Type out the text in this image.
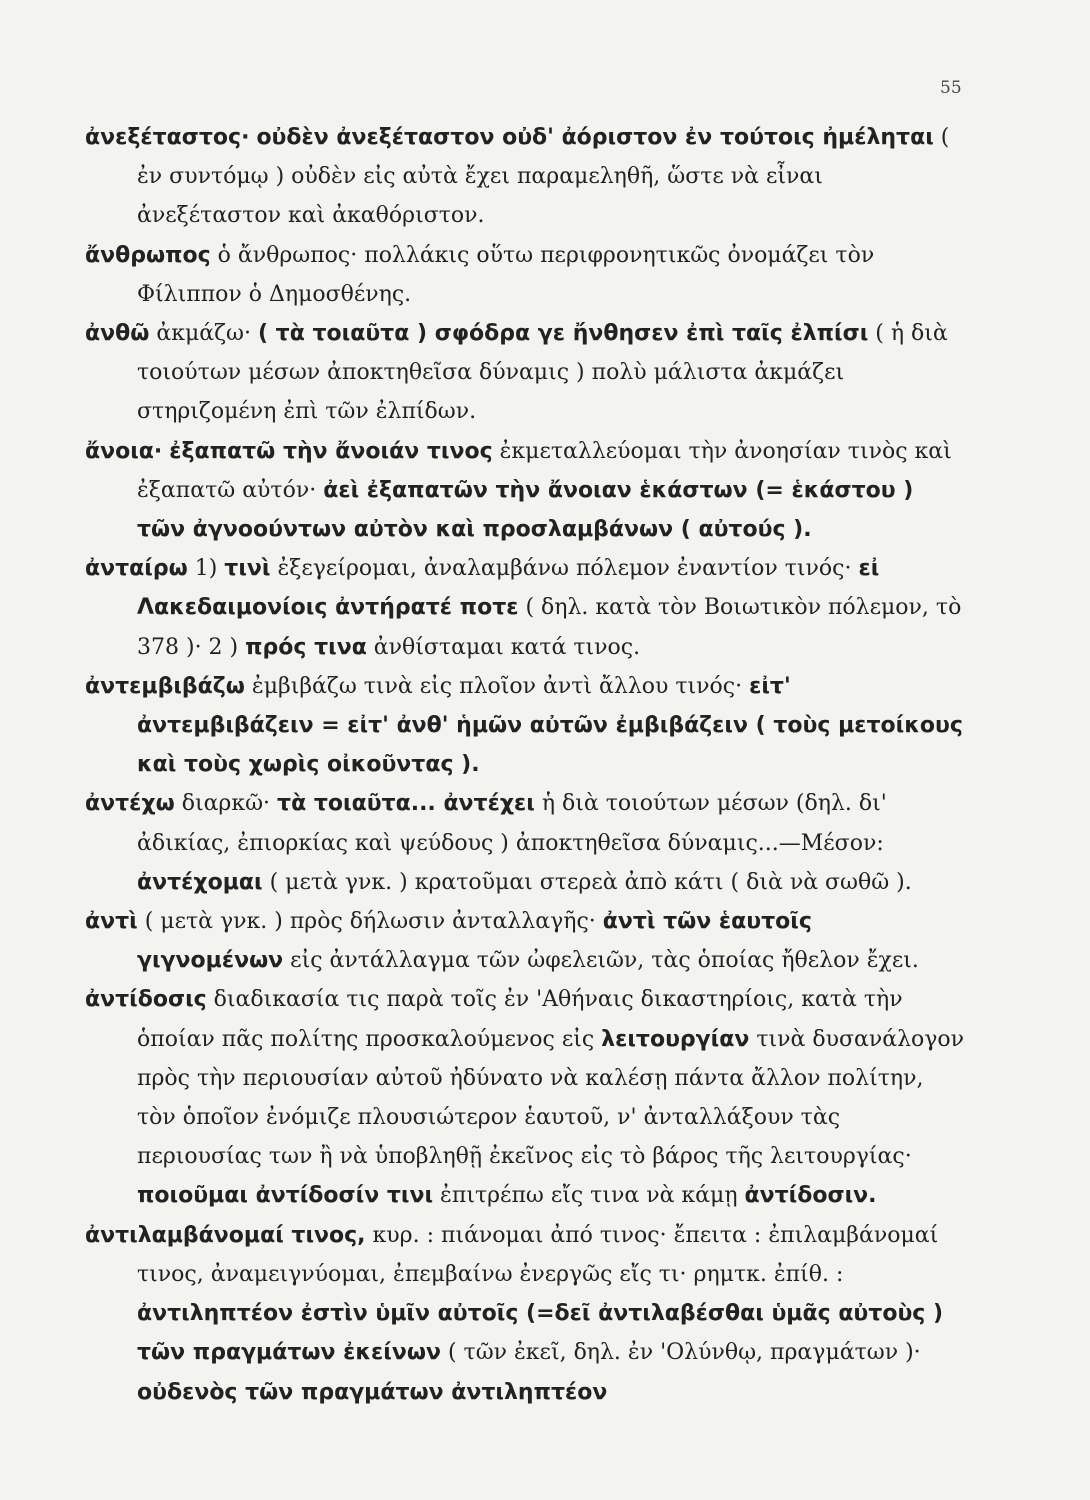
55

ἀνεξέταστος· οὐδὲν ἀνεξέταστον οὐδ' ἀόριστον ἐν τούτοις ἠμέληται ( ἐν συντόμῳ ) οὐδὲν εἰς αὐτὰ ἔχει παραμεληθῆ, ὥστε νὰ εἶναι ἀνεξέταστον καὶ ἀκαθόριστον.

ἄνθρωπος ὁ ἄνθρωπος· πολλάκις οὕτω περιφρονητικῶς ὀνομάζει τὸν Φίλιππον ὁ Δημοσθένης.

ἀνθῶ ἀκμάζω· ( τὰ τοιαῦτα ) σφόδρα γε ἤνθησεν ἐπὶ ταῖς ἐλπίσι ( ἡ διὰ τοιούτων μέσων ἀποκτηθεῖσα δύναμις ) πολὺ μάλιστα ἀκμάζει στηριζομένη ἐπὶ τῶν ἐλπίδων.

ἄνοια· ἐξαπατῶ τὴν ἄνοιάν τινος ἐκμεταλλεύομαι τὴν ἀνοησίαν τινὸς καὶ ἐξαπατῶ αὐτόν· ἀεὶ ἐξαπατῶν τὴν ἄνοιαν ἑκάστων (= ἑκάστου ) τῶν ἀγνοούντων αὐτὸν καὶ προσλαμβάνων ( αὐτούς ).

ἀνταίρω 1) τινὶ ἐξεγείρομαι, ἀναλαμβάνω πόλεμον ἐναντίον τινός· εἰ Λακεδαιμονίοις ἀντήρατέ ποτε ( δηλ. κατὰ τὸν Βοιωτικὸν πόλεμον, τὸ 378 )· 2 ) πρός τινα ἀνθίσταμαι κατά τινος.

ἀντεμβιβάζω ἐμβιβάζω τινὰ εἰς πλοῖον ἀντὶ ἄλλου τινός· εἰτ' ἀντεμβιβάζειν = εἰτ' ἀνθ' ἡμῶν αὐτῶν ἐμβιβάζειν ( τοὺς μετοίκους καὶ τοὺς χωρὶς οἰκοῦντας ).

ἀντέχω διαρκῶ· τὰ τοιαῦτα... ἀντέχει ἡ διὰ τοιούτων μέσων (δηλ. δι' ἀδικίας, ἐπιορκίας καὶ ψεύδους ) ἀποκτηθεῖσα δύναμις...—Μέσον: ἀντέχομαι ( μετὰ γνκ. ) κρατοῦμαι στερεὰ ἀπὸ κάτι ( διὰ νὰ σωθῶ ).

ἀντὶ ( μετὰ γνκ. ) πρὸς δήλωσιν ἀνταλλαγῆς· ἀντὶ τῶν ἑαυτοῖς γιγνομένων εἰς ἀντάλλαγμα τῶν ὠφελειῶν, τὰς ὁποίας ἤθελον ἔχει.

ἀντίδοσις διαδικασία τις παρὰ τοῖς ἐν 'Αθήναις δικαστηρίοις, κατὰ τὴν ὁποίαν πᾶς πολίτης προσκαλούμενος εἰς λειτουργίαν τινὰ δυσανάλογον πρὸς τὴν περιουσίαν αὐτοῦ ἠδύνατο νὰ καλέσῃ πάντα ἄλλον πολίτην, τὸν ὁποῖον ἐνόμιζε πλουσιώτερον ἑαυτοῦ, ν' ἀνταλλάξουν τὰς περιουσίας των ἢ νὰ ὑποβληθῇ ἐκεῖνος εἰς τὸ βάρος τῆς λειτουργίας· ποιοῦμαι ἀντίδοσίν τινι ἐπιτρέπω εἴς τινα νὰ κάμῃ ἀντίδοσιν.

ἀντιλαμβάνομαί τινος, κυρ. : πιάνομαι ἀπό τινος· ἔπειτα : ἐπιλαμβάνομαί τινος, ἀναμειγνύομαι, ἐπεμβαίνω ἐνεργῶς εἴς τι· ρημτκ. ἐπίθ. : ἀντιληπτέον ἐστὶν ὑμῖν αὐτοῖς (=δεῖ ἀντιλαβέσθαι ὑμᾶς αὐτοὺς ) τῶν πραγμάτων ἐκείνων ( τῶν ἐκεῖ, δηλ. ἐν 'Ολύνθῳ, πραγμάτων )· οὐδενὸς τῶν πραγμάτων ἀντιληπτέον
